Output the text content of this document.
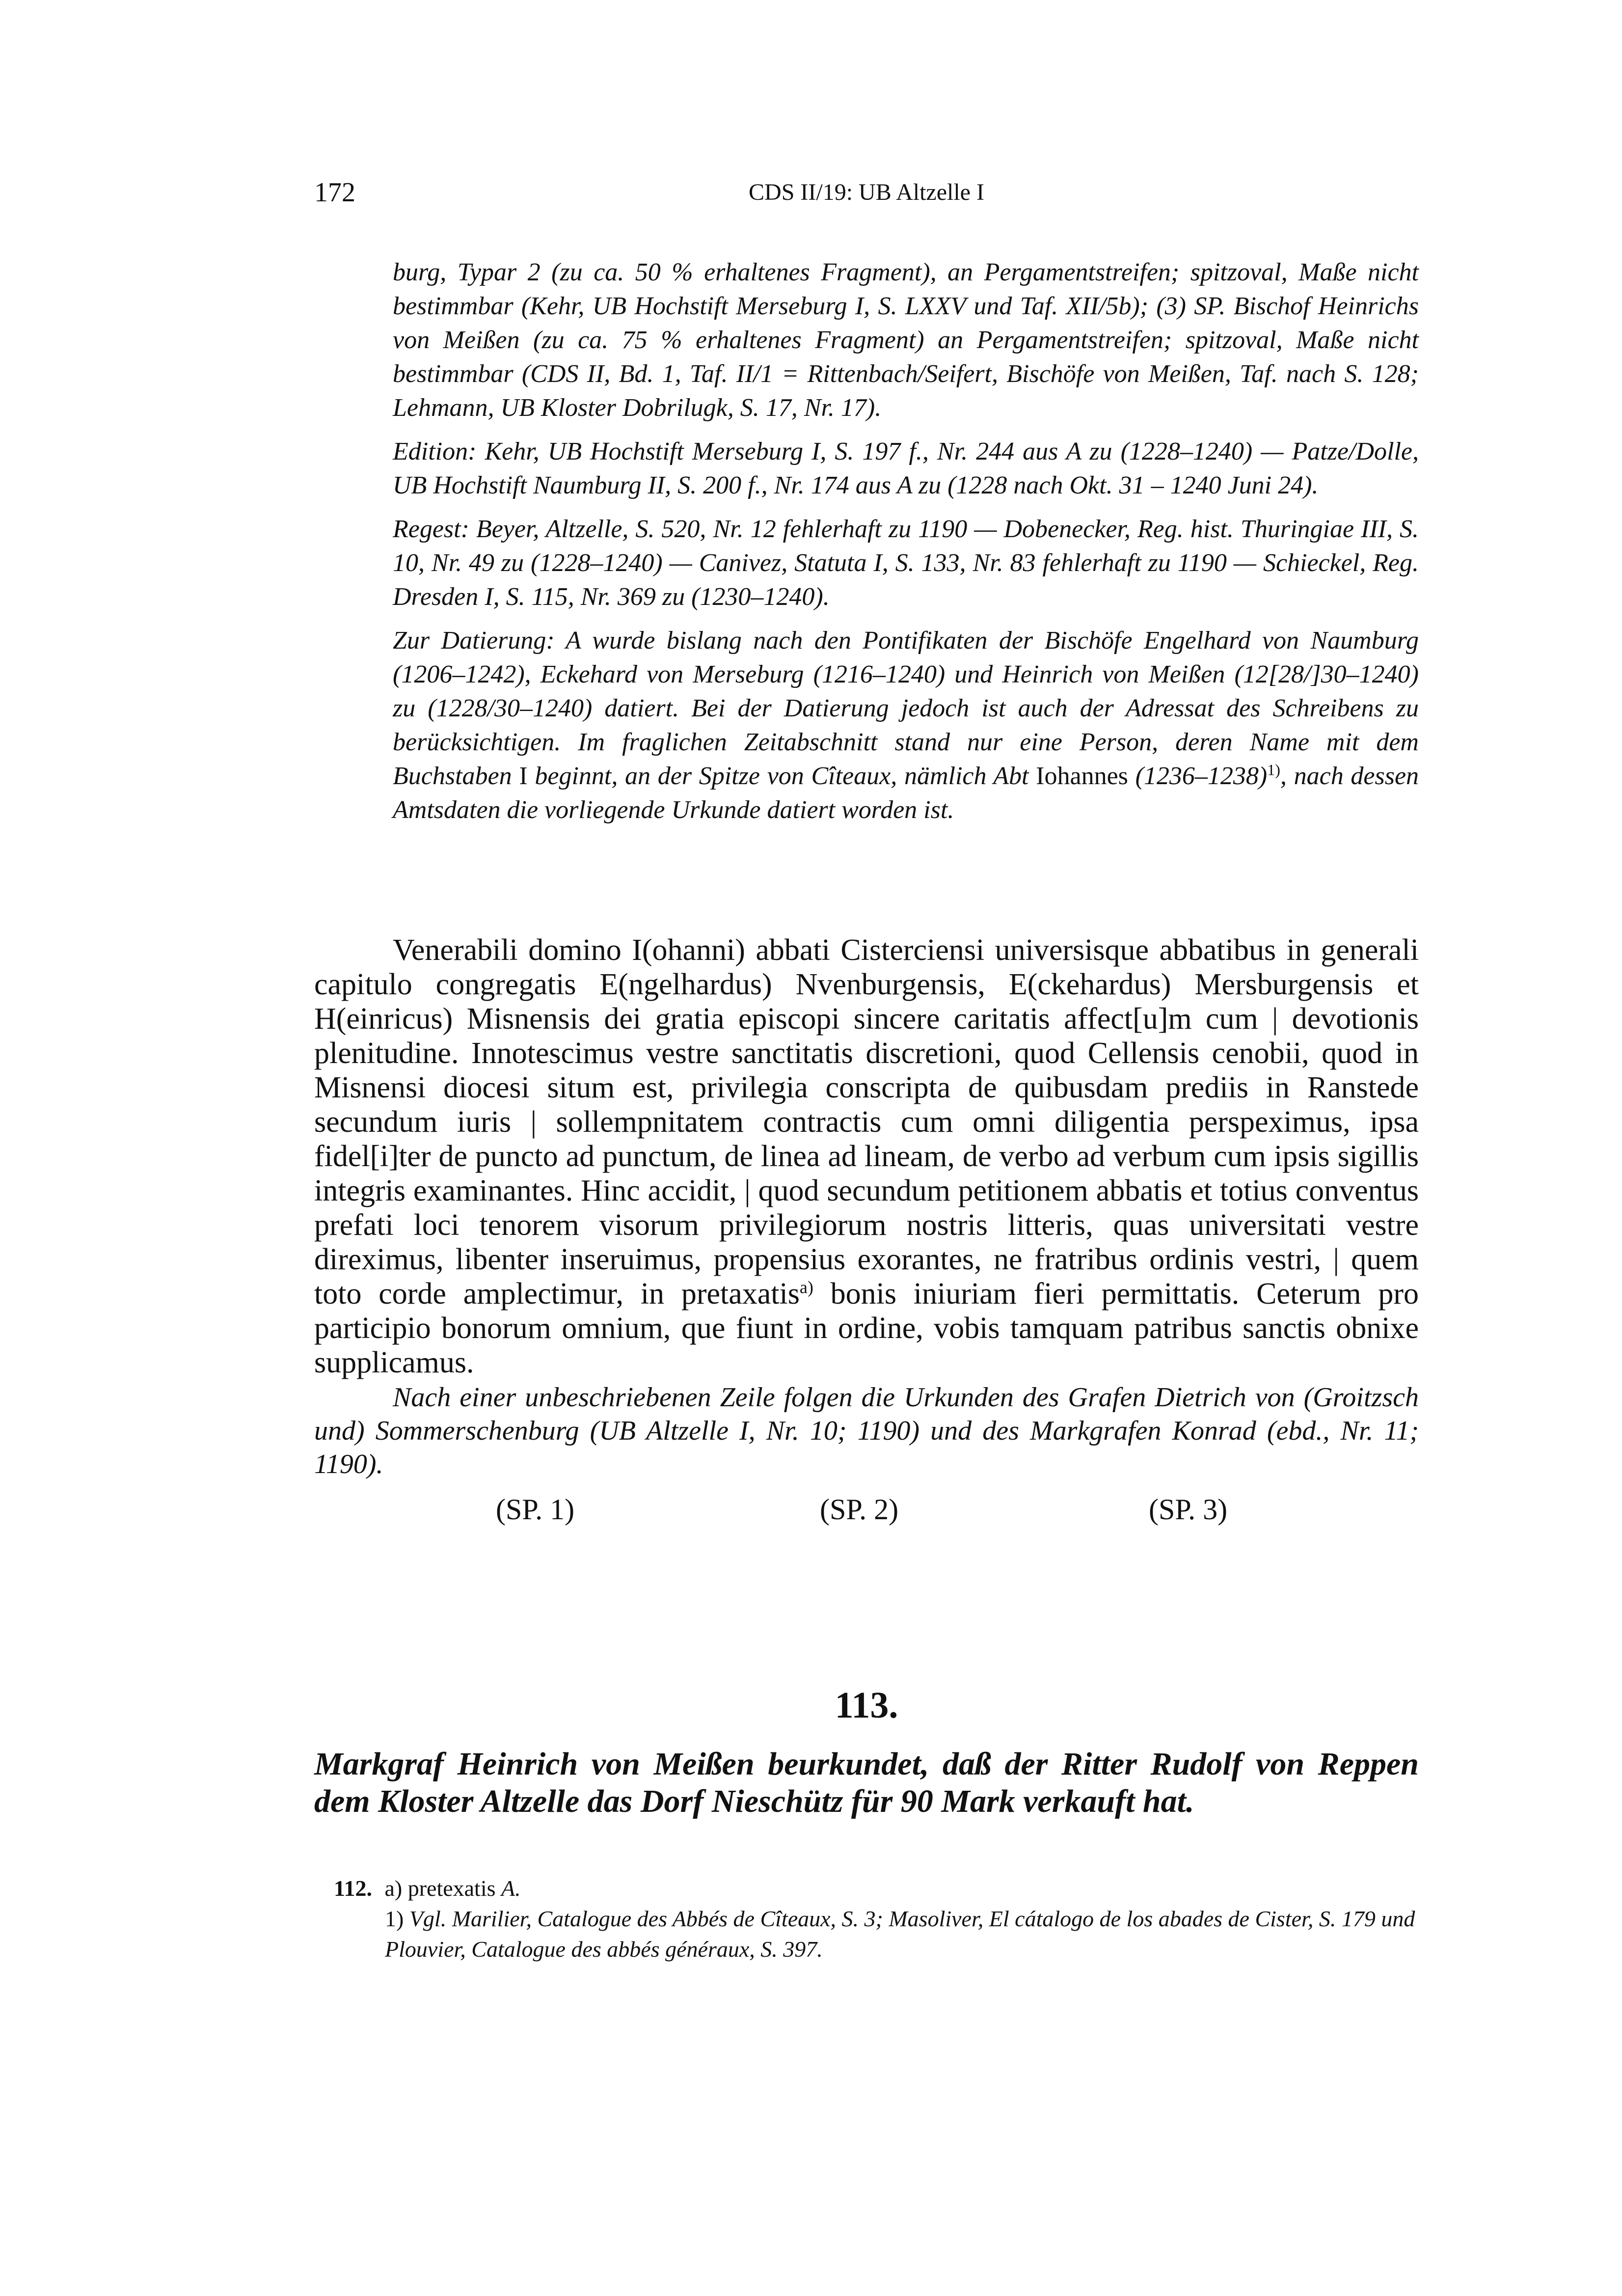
172	CDS II/19: UB Altzelle I

burg, Typar 2 (zu ca. 50 % erhaltenes Fragment), an Pergamentstreifen; spitzoval, Maße nicht bestimmbar (Kehr, UB Hochstift Merseburg I, S. LXXV und Taf. XII/5b); (3) SP. Bischof Heinrichs von Meißen (zu ca. 75 % erhaltenes Fragment) an Pergamentstreifen; spitzoval, Maße nicht bestimmbar (CDS II, Bd. 1, Taf. II/1 = Rittenbach/Seifert, Bischöfe von Meißen, Taf. nach S. 128; Lehmann, UB Kloster Dobrilugk, S. 17, Nr. 17).

Edition: Kehr, UB Hochstift Merseburg I, S. 197 f., Nr. 244 aus A zu (1228–1240) — Patze/Dolle, UB Hochstift Naumburg II, S. 200 f., Nr. 174 aus A zu (1228 nach Okt. 31 – 1240 Juni 24).

Regest: Beyer, Altzelle, S. 520, Nr. 12 fehlerhaft zu 1190 — Dobenecker, Reg. hist. Thuringiae III, S. 10, Nr. 49 zu (1228–1240) — Canivez, Statuta I, S. 133, Nr. 83 fehlerhaft zu 1190 — Schieckel, Reg. Dresden I, S. 115, Nr. 369 zu (1230–1240).

Zur Datierung: A wurde bislang nach den Pontifikaten der Bischöfe Engelhard von Naumburg (1206–1242), Eckehard von Merseburg (1216–1240) und Heinrich von Meißen (12[28/]30–1240) zu (1228/30–1240) datiert. Bei der Datierung jedoch ist auch der Adressat des Schreibens zu berücksichtigen. Im fraglichen Zeitabschnitt stand nur eine Person, deren Name mit dem Buchstaben I beginnt, an der Spitze von Cîteaux, nämlich Abt Iohannes (1236–1238)$^{1)}$, nach dessen Amtsdaten die vorliegende Urkunde datiert worden ist.

Venerabili domino I(ohanni) abbati Cisterciensi universisque abbatibus in generali capitulo congregatis E(ngelhardus) Nvenburgensis, E(ckehardus) Mersburgensis et H(einricus) Misnensis dei gratia episcopi sincere caritatis affect[u]m cum | devotionis plenitudine. Innotescimus vestre sanctitatis discretioni, quod Cellensis cenobii, quod in Misnensi diocesi situm est, privilegia conscripta de quibusdam prediis in Ranstede secundum iuris | sollempnitatem contractis cum omni diligentia perspeximus, ipsa fidel[i]ter de puncto ad punctum, de linea ad lineam, de verbo ad verbum cum ipsis sigillis integris examinantes. Hinc accidit, | quod secundum petitionem abbatis et totius conventus prefati loci tenorem visorum privilegiorum nostris litteris, quas universitati vestre direximus, libenter inseruimus, propensius exorantes, ne fratribus ordinis vestri, | quem toto corde amplectimur, in pretaxatis$^{a)}$ bonis iniuriam fieri permittatis. Ceterum pro participio bonorum omnium, que fiunt in ordine, vobis tamquam patribus sanctis obnixe supplicamus.

Nach einer unbeschriebenen Zeile folgen die Urkunden des Grafen Dietrich von (Groitzsch und) Sommerschenburg (UB Altzelle I, Nr. 10; 1190) und des Markgrafen Konrad (ebd., Nr. 11; 1190).

(SP. 1)	(SP. 2)	(SP. 3)
113.
Markgraf Heinrich von Meißen beurkundet, daß der Ritter Rudolf von Reppen dem Kloster Altzelle das Dorf Nieschütz für 90 Mark verkauft hat.
112. a) pretexatis A.
1) Vgl. Marilier, Catalogue des Abbés de Cîteaux, S. 3; Masoliver, El cátalogo de los abades de Cister, S. 179 und Plouvier, Catalogue des abbés généraux, S. 397.
